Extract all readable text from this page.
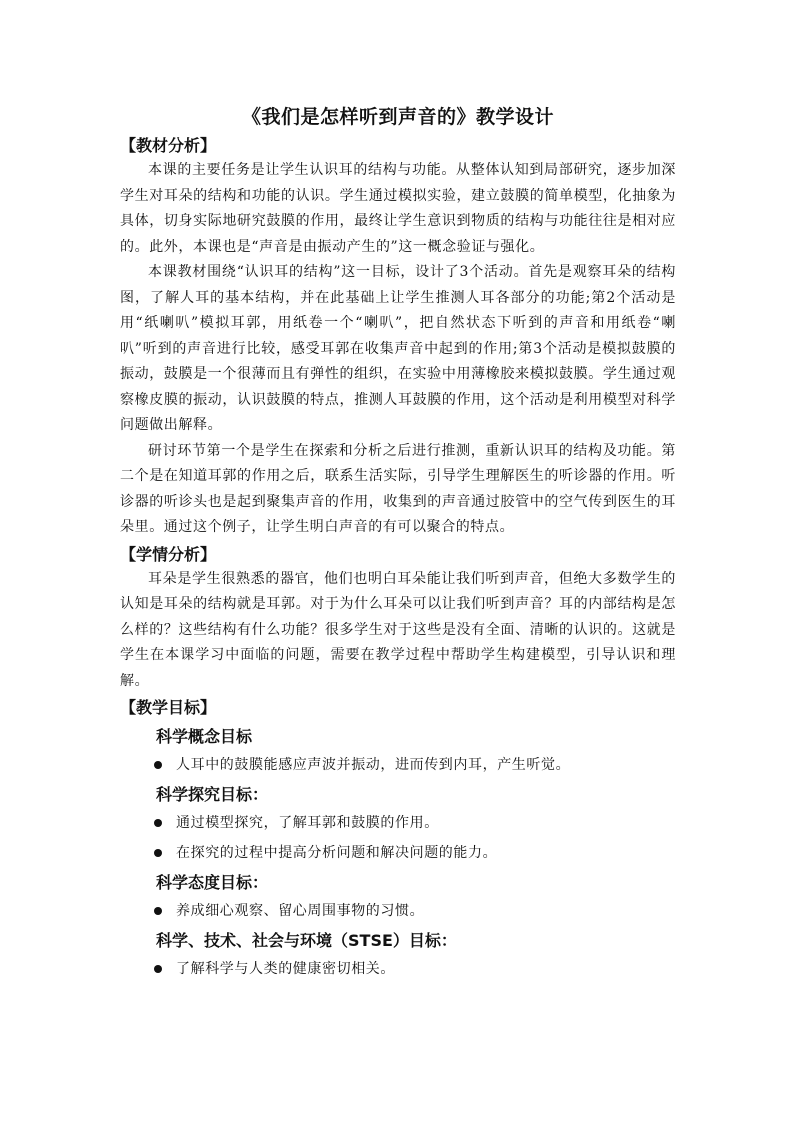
《我们是怎样听到声音的》教学设计
【教材分析】

本课的主要任务是让学生认识耳的结构与功能。从整体认知到局部研究，逐步加深学生对耳朵的结构和功能的认识。学生通过模拟实验，建立鼓膜的简单模型，化抽象为具体，切身实际地研究鼓膜的作用，最终让学生意识到物质的结构与功能往往是相对应的。此外，本课也是“声音是由振动产生的”这一概念验证与强化。

本课教材围绕“认识耳的结构”这一目标，设计了3个活动。首先是观察耳朵的结构图，了解人耳的基本结构，并在此基础上让学生推测人耳各部分的功能;第2个活动是用“纸喇叭”模拟耳郭，用纸卷一个“喇叭”，把自然状态下听到的声音和用纸卷“喇叭”听到的声音进行比较，感受耳郭在收集声音中起到的作用;第3个活动是模拟鼓膜的振动，鼓膜是一个很薄而且有弹性的组织，在实验中用薄橡胶来模拟鼓膜。学生通过观察橡皮膜的振动，认识鼓膜的特点，推测人耳鼓膜的作用，这个活动是利用模型对科学问题做出解释。

研讨环节第一个是学生在探索和分析之后进行推测，重新认识耳的结构及功能。第二个是在知道耳郭的作用之后，联系生活实际，引导学生理解医生的听诊器的作用。听诊器的听诊头也是起到聚集声音的作用，收集到的声音通过胶管中的空气传到医生的耳朵里。通过这个例子，让学生明白声音的有可以聚合的特点。

【学情分析】

耳朵是学生很熟悉的器官，他们也明白耳朵能让我们听到声音，但绝大多数学生的认知是耳朵的结构就是耳郭。对于为什么耳朵可以让我们听到声音？耳的内部结构是怎么样的？这些结构有什么功能？很多学生对于这些是没有全面、清晰的认识的。这就是学生在本课学习中面临的问题，需要在教学过程中帮助学生构建模型，引导认识和理解。

【教学目标】
科学概念目标
人耳中的鼓膜能感应声波并振动，进而传到内耳，产生听觉。
科学探究目标：
通过模型探究，了解耳郭和鼓膜的作用。
在探究的过程中提高分析问题和解决问题的能力。
科学态度目标：
养成细心观察、留心周围事物的习惯。
科学、技术、社会与环境（STSE）目标：
了解科学与人类的健康密切相关。
